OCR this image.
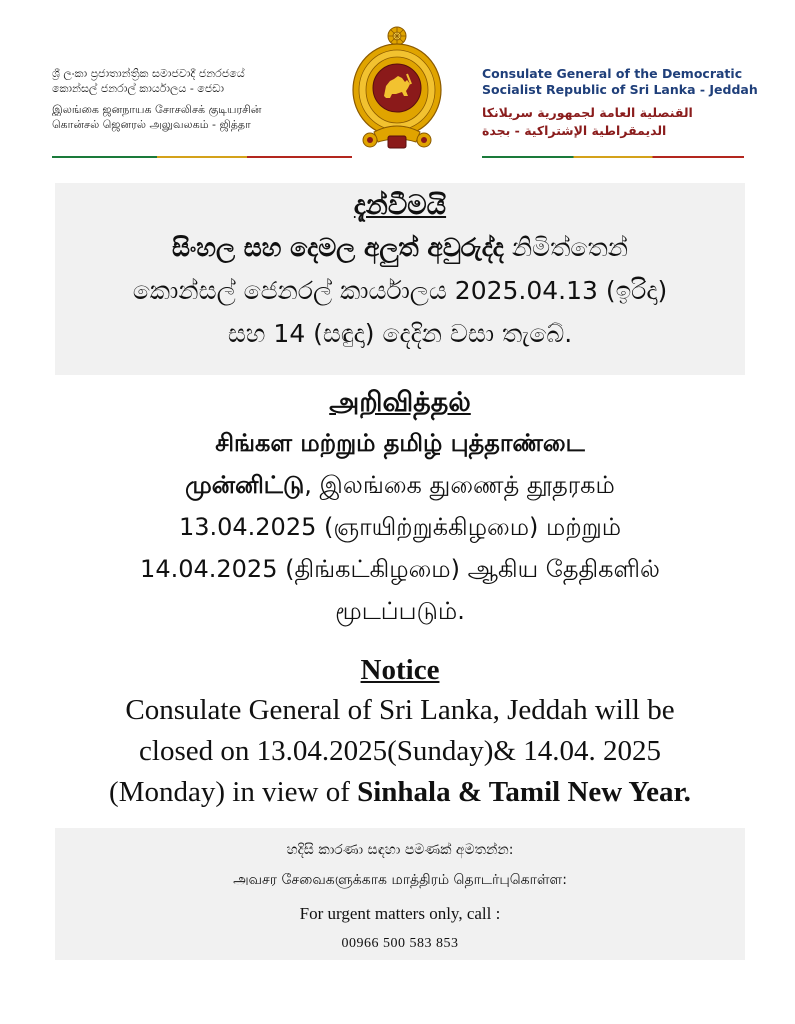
ශ්‍රී ලංකා ප්‍රජාතාන්ත්‍රික සමාජවාදී ජනරජයේ
කොන්සල් ජනරාල් කාර්යාලය - ජෙඩා
இலங்கை ஜனநாயக சோசலிசக் குடியரசின்
கொன்சல் ஜெனரல் அலுவலகம் - ஜித்தா
Consulate General of the Democratic
Socialist Republic of Sri Lanka - Jeddah
القنصلية العامة لجمهورية سريلانكا
الديمقراطية الإشتراكية - بجدة
දැන්වීමයි
සිංහල සහ දෙමල අලුත් අවුරුද්ද නිමිත්තෙන්
කොන්සල් ජෙනරල් කාර්යාලය 2025.04.13 (ඉරිදා)
සහ 14 (සඳුදා) දෙදින වසා තැබේ.
அறிவித்தல்
சிங்கள மற்றும் தமிழ் புத்தாண்டை
முன்னிட்டு, இலங்கை துணைத் தூதரகம்
13.04.2025 (ஞாயிற்றுக்கிழமை) மற்றும்
14.04.2025 (திங்கட்கிழமை) ஆகிய தேதிகளில்
மூடப்படும்.
Notice
Consulate General of Sri Lanka, Jeddah will be
closed on 13.04.2025(Sunday)& 14.04. 2025
(Monday) in view of Sinhala & Tamil New Year.
හදිසි කාරණා සඳහා පමණක් අමතන්න:
அவசர சேவைகளுக்காக மாத்திரம் தொடர்புகொள்ள:
For urgent matters only, call :
00966 500 583 853
